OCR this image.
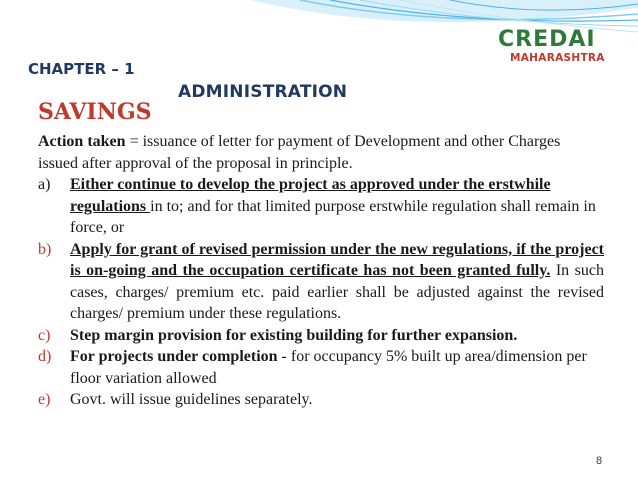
CREDAI
MAHARASHTRA
CHAPTER – 1
ADMINISTRATION
SAVINGS

Action taken = issuance of letter for payment of Development and other Charges issued after approval of the proposal in principle.

a) Either continue to develop the project as approved under the erstwhile regulations in to; and for that limited purpose erstwhile regulation shall remain in force, or

b) Apply for grant of revised permission under the new regulations, if the project is on-going and the occupation certificate has not been granted fully. In such cases, charges/ premium etc. paid earlier shall be adjusted against the revised charges/ premium under these regulations.

c) Step margin provision for existing building for further expansion.

d) For projects under completion - for occupancy 5% built up area/dimension per floor variation allowed

e) Govt. will issue guidelines separately.

8
